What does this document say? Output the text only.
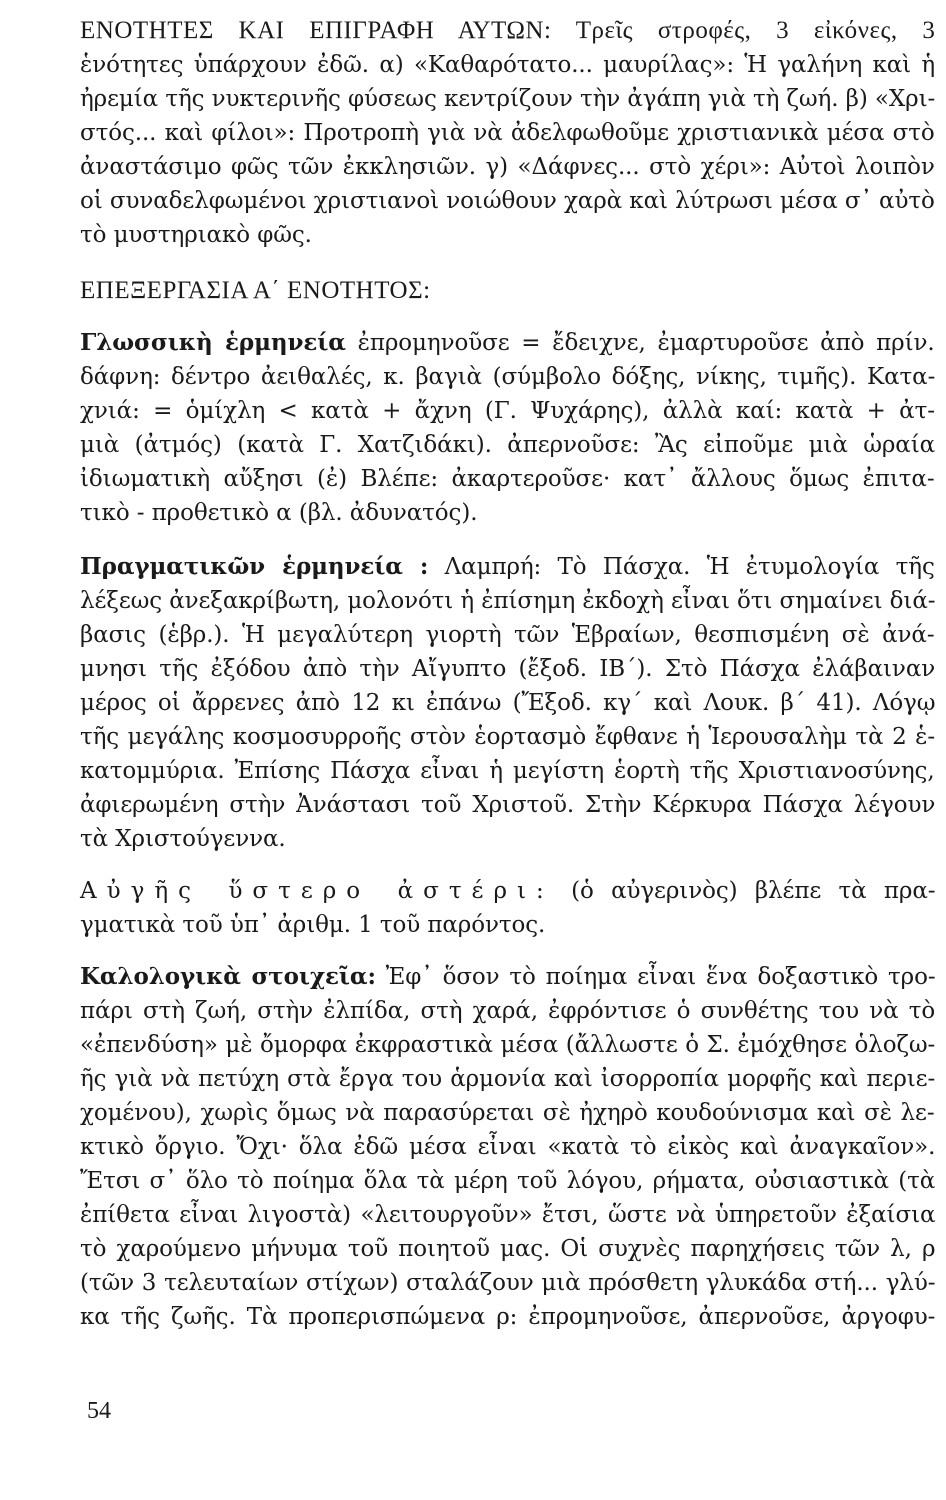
ΕΝΟΤΗΤΕΣ ΚΑΙ ΕΠΙΓΡΑΦΗ ΑΥΤΩΝ: Τρεῖς στροφές, 3 εἰκόνες, 3
ἑνότητες ὑπάρχουν ἐδῶ. α) «Καθαρότατο... μαυρίλας»: Ἡ γαλήνη καὶ ἡ
ἠρεμία τῆς νυκτερινῆς φύσεως κεντρίζουν τὴν ἀγάπη γιὰ τὴ ζωή. β) «Χρι-
στός... καὶ φίλοι»: Προτροπὴ γιὰ νὰ ἀδελφωθοῦμε χριστιανικὰ μέσα στὸ
ἀναστάσιμο φῶς τῶν ἐκκλησιῶν. γ) «Δάφνες... στὸ χέρι»: Αὐτοὶ λοιπὸν
οἱ συναδελφωμένοι χριστιανοὶ νοιώθουν χαρὰ καὶ λύτρωσι μέσα σ᾽ αὐτὸ
τὸ μυστηριακὸ φῶς.
ΕΠΕΞΕΡΓΑΣΙΑ Α΄ ΕΝΟΤΗΤΟΣ:
Γλωσσικὴ ἑρμηνεία ἐπρομηνοῦσε = ἔδειχνε, ἐμαρτυροῦσε ἀπὸ πρίν.
δάφνη: δέντρο ἀειθαλές, κ. βαγιὰ (σύμβολο δόξης, νίκης, τιμῆς). Κατα-
χνιά: = ὁμίχλη < κατὰ + ἄχνη (Γ. Ψυχάρης), ἀλλὰ καί: κατὰ + ἀτ-
μιὰ (ἀτμός) (κατὰ Γ. Χατζιδάκι). ἀπερνοῦσε: Ἂς εἰποῦμε μιὰ ὡραία
ἰδιωματικὴ αὔξησι (ἐ) Βλέπε: ἀκαρτεροῦσε· κατ᾽ ἄλλους ὅμως ἐπιτα-
τικὸ - προθετικὸ α (βλ. ἀδυνατός).
Πραγματικῶν ἑρμηνεία : Λαμπρή: Τὸ Πάσχα. Ἡ ἐτυμολογία τῆς
λέξεως ἀνεξακρίβωτη, μολονότι ἡ ἐπίσημη ἐκδοχὴ εἶναι ὅτι σημαίνει διά-
βασις (ἑβρ.). Ἡ μεγαλύτερη γιορτὴ τῶν Ἑβραίων, θεσπισμένη σὲ ἀνά-
μνησι τῆς ἐξόδου ἀπὸ τὴν Αἴγυπτο (ἔξοδ. ΙΒ΄). Στὸ Πάσχα ἐλάβαιναν
μέρος οἱ ἄρρενες ἀπὸ 12 κι ἐπάνω (Ἔξοδ. κγ΄ καὶ Λουκ. β΄ 41). Λόγῳ
τῆς μεγάλης κοσμοσυρροῆς στὸν ἑορτασμὸ ἔφθανε ἡ Ἱερουσαλὴμ τὰ 2 ἑ-
κατομμύρια. Ἐπίσης Πάσχα εἶναι ἡ μεγίστη ἑορτὴ τῆς Χριστιανοσύνης,
ἀφιερωμένη στὴν Ἀνάστασι τοῦ Χριστοῦ. Στὴν Κέρκυρα Πάσχα λέγουν
τὰ Χριστούγεννα.
Αὐγῆς ὕστερο ἀστέρι: (ὁ αὐγερινὸς) βλέπε τὰ πρα-
γματικὰ τοῦ ὑπ᾽ ἀριθμ. 1 τοῦ παρόντος.
Καλολογικὰ στοιχεῖα: Ἐφ᾽ ὅσον τὸ ποίημα εἶναι ἕνα δοξαστικὸ τρο-
πάρι στὴ ζωή, στὴν ἐλπίδα, στὴ χαρά, ἐφρόντισε ὁ συνθέτης του νὰ τὸ
«ἐπενδύση» μὲ ὄμορφα ἐκφραστικὰ μέσα (ἄλλωστε ὁ Σ. ἐμόχθησε ὁλοζω-
ῆς γιὰ νὰ πετύχη στὰ ἔργα του ἁρμονία καὶ ἰσορροπία μορφῆς καὶ περιε-
χομένου), χωρὶς ὅμως νὰ παρασύρεται σὲ ἠχηρὸ κουδούνισμα καὶ σὲ λε-
κτικὸ ὄργιο. Ὄχι· ὅλα ἐδῶ μέσα εἶναι «κατὰ τὸ εἰκὸς καὶ ἀναγκαῖον».
Ἔτσι σ᾽ ὅλο τὸ ποίημα ὅλα τὰ μέρη τοῦ λόγου, ρήματα, οὐσιαστικὰ (τὰ
ἐπίθετα εἶναι λιγοστὰ) «λειτουργοῦν» ἔτσι, ὥστε νὰ ὑπηρετοῦν ἐξαίσια
τὸ χαρούμενο μήνυμα τοῦ ποιητοῦ μας. Οἱ συχνὲς παρηχήσεις τῶν λ, ρ
(τῶν 3 τελευταίων στίχων) σταλάζουν μιὰ πρόσθετη γλυκάδα στή... γλύ-
κα τῆς ζωῆς. Τὰ προπερισπώμενα ρ: ἐπρομηνοῦσε, ἀπερνοῦσε, ἀργοφυ-
54
